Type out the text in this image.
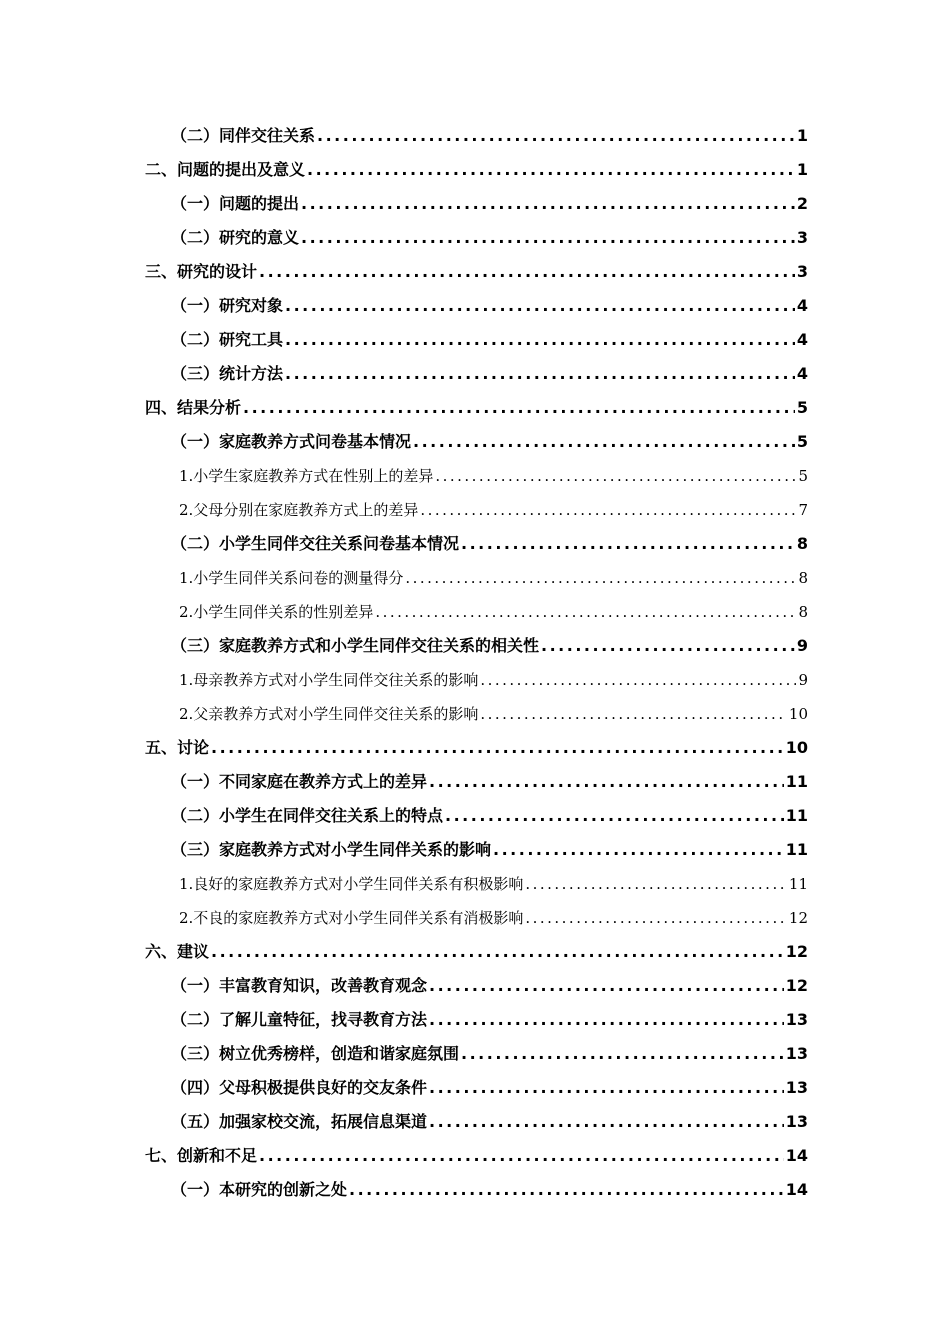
（二）同伴交往关系 .....	1
二、问题的提出及意义 .....	1
（一）问题的提出 .....	2
（二）研究的意义 .....	3
三、研究的设计 .....	3
（一）研究对象 .....	4
（二）研究工具 .....	4
（三）统计方法 .....	4
四、结果分析 .....	5
（一）家庭教养方式问卷基本情况 .....	5
1.小学生家庭教养方式在性别上的差异 .....	5
2.父母分别在家庭教养方式上的差异 .....	7
（二）小学生同伴交往关系问卷基本情况 .....	8
1.小学生同伴关系问卷的测量得分 .....	8
2.小学生同伴关系的性别差异 .....	8
（三）家庭教养方式和小学生同伴交往关系的相关性 .....	9
1.母亲教养方式对小学生同伴交往关系的影响 .....	9
2.父亲教养方式对小学生同伴交往关系的影响 .....	10
五、讨论 .....	10
（一）不同家庭在教养方式上的差异 .....	11
（二）小学生在同伴交往关系上的特点 .....	11
（三）家庭教养方式对小学生同伴关系的影响 .....	11
1.良好的家庭教养方式对小学生同伴关系有积极影响 .....	11
2.不良的家庭教养方式对小学生同伴关系有消极影响 .....	12
六、建议 .....	12
（一）丰富教育知识，改善教育观念 .....	12
（二）了解儿童特征，找寻教育方法 .....	13
（三）树立优秀榜样，创造和谐家庭氛围 .....	13
（四）父母积极提供良好的交友条件 .....	13
（五）加强家校交流，拓展信息渠道 .....	13
七、创新和不足 .....	14
（一）本研究的创新之处 .....	14
